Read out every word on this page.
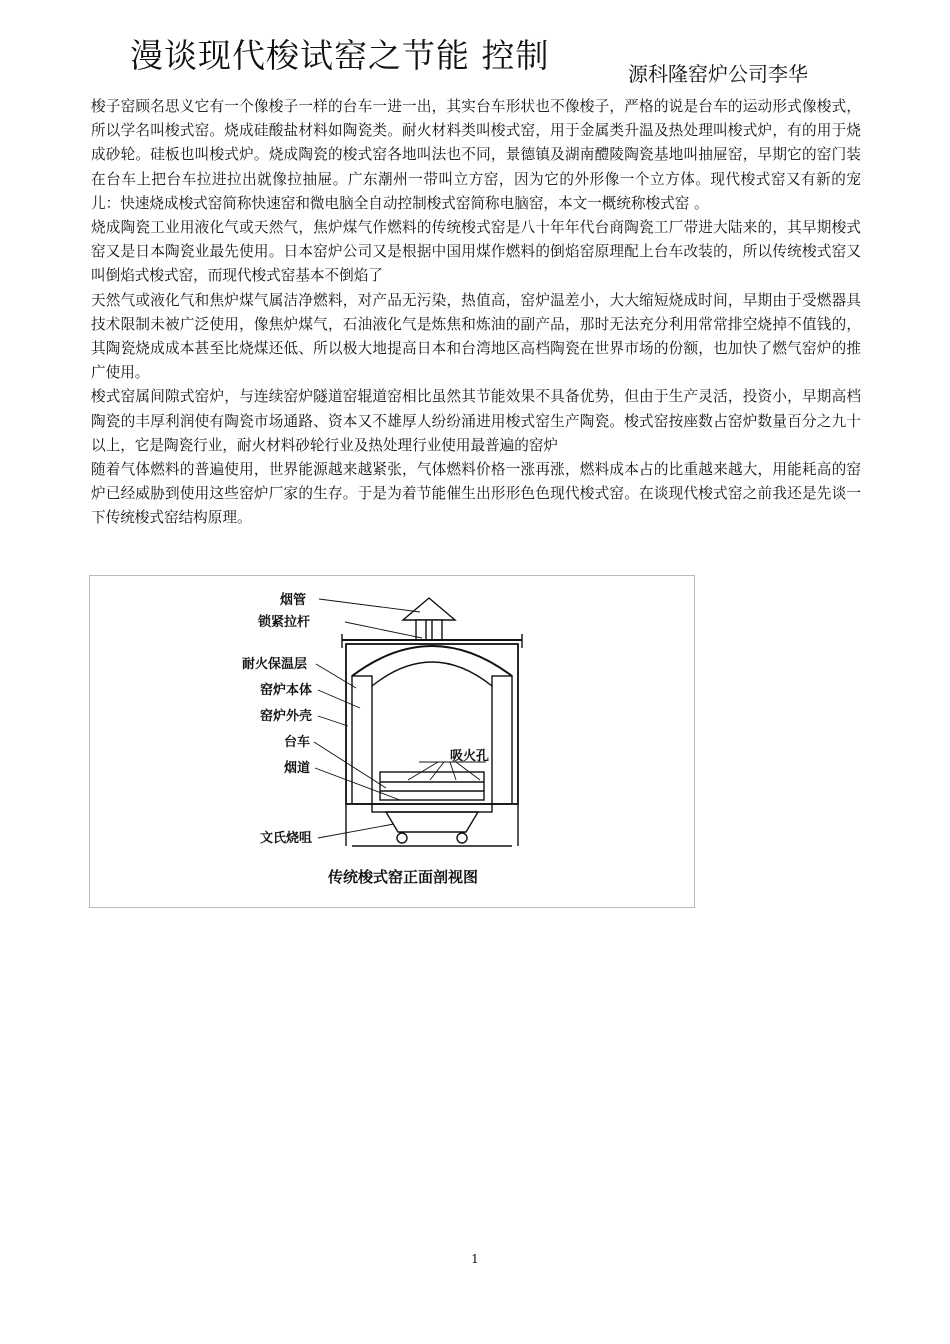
漫谈现代梭试窑之节能 控制	源科隆窑炉公司李华

梭子窑顾名思义它有一个像梭子一样的台车一进一出，其实台车形状也不像梭子，严格的说是台车的运动形式像梭式，所以学名叫梭式窑。烧成硅酸盐材料如陶瓷类。耐火材料类叫梭式窑，用于金属类升温及热处理叫梭式炉，有的用于烧成砂轮。硅板也叫梭式炉。烧成陶瓷的梭式窑各地叫法也不同，景德镇及湖南醴陵陶瓷基地叫抽屉窑，早期它的窑门装在台车上把台车拉进拉出就像拉抽屉。广东潮州一带叫立方窑，因为它的外形像一个立方体。现代梭式窑又有新的宠儿：快速烧成梭式窑简称快速窑和微电脑全自动控制梭式窑简称电脑窑，本文一概统称梭式窑 。

烧成陶瓷工业用液化气或天然气，焦炉煤气作燃料的传统梭式窑是八十年年代台商陶瓷工厂带进大陆来的，其早期梭式窑又是日本陶瓷业最先使用。日本窑炉公司又是根据中国用煤作燃料的倒焰窑原理配上台车改装的，所以传统梭式窑又叫倒焰式梭式窑，而现代梭式窑基本不倒焰了

天然气或液化气和焦炉煤气属洁净燃料，对产品无污染，热值高，窑炉温差小，大大缩短烧成时间，早期由于受燃器具技术限制未被广泛使用，像焦炉煤气，石油液化气是炼焦和炼油的副产品，那时无法充分利用常常排空烧掉不值钱的，其陶瓷烧成成本甚至比烧煤还低、所以极大地提高日本和台湾地区高档陶瓷在世界市场的份额，也加快了燃气窑炉的推广使用。

梭式窑属间隙式窑炉，与连续窑炉隧道窑辊道窑相比虽然其节能效果不具备优势，但由于生产灵活，投资小，早期高档陶瓷的丰厚利润使有陶瓷市场通路、资本又不雄厚人纷纷涌进用梭式窑生产陶瓷。梭式窑按座数占窑炉数量百分之九十以上，它是陶瓷行业，耐火材料砂轮行业及热处理行业使用最普遍的窑炉

随着气体燃料的普遍使用，世界能源越来越紧张，气体燃料价格一涨再涨，燃料成本占的比重越来越大，用能耗高的窑炉已经威胁到使用这些窑炉厂家的生存。于是为着节能催生出形形色色现代梭式窑。在谈现代梭式窑之前我还是先谈一下传统梭式窑结构原理。

烟管
锁紧拉杆
耐火保温层
窑炉本体
窑炉外壳
台车
烟道
文氏烧咀
吸火孔
传统梭式窑正面剖视图
1
